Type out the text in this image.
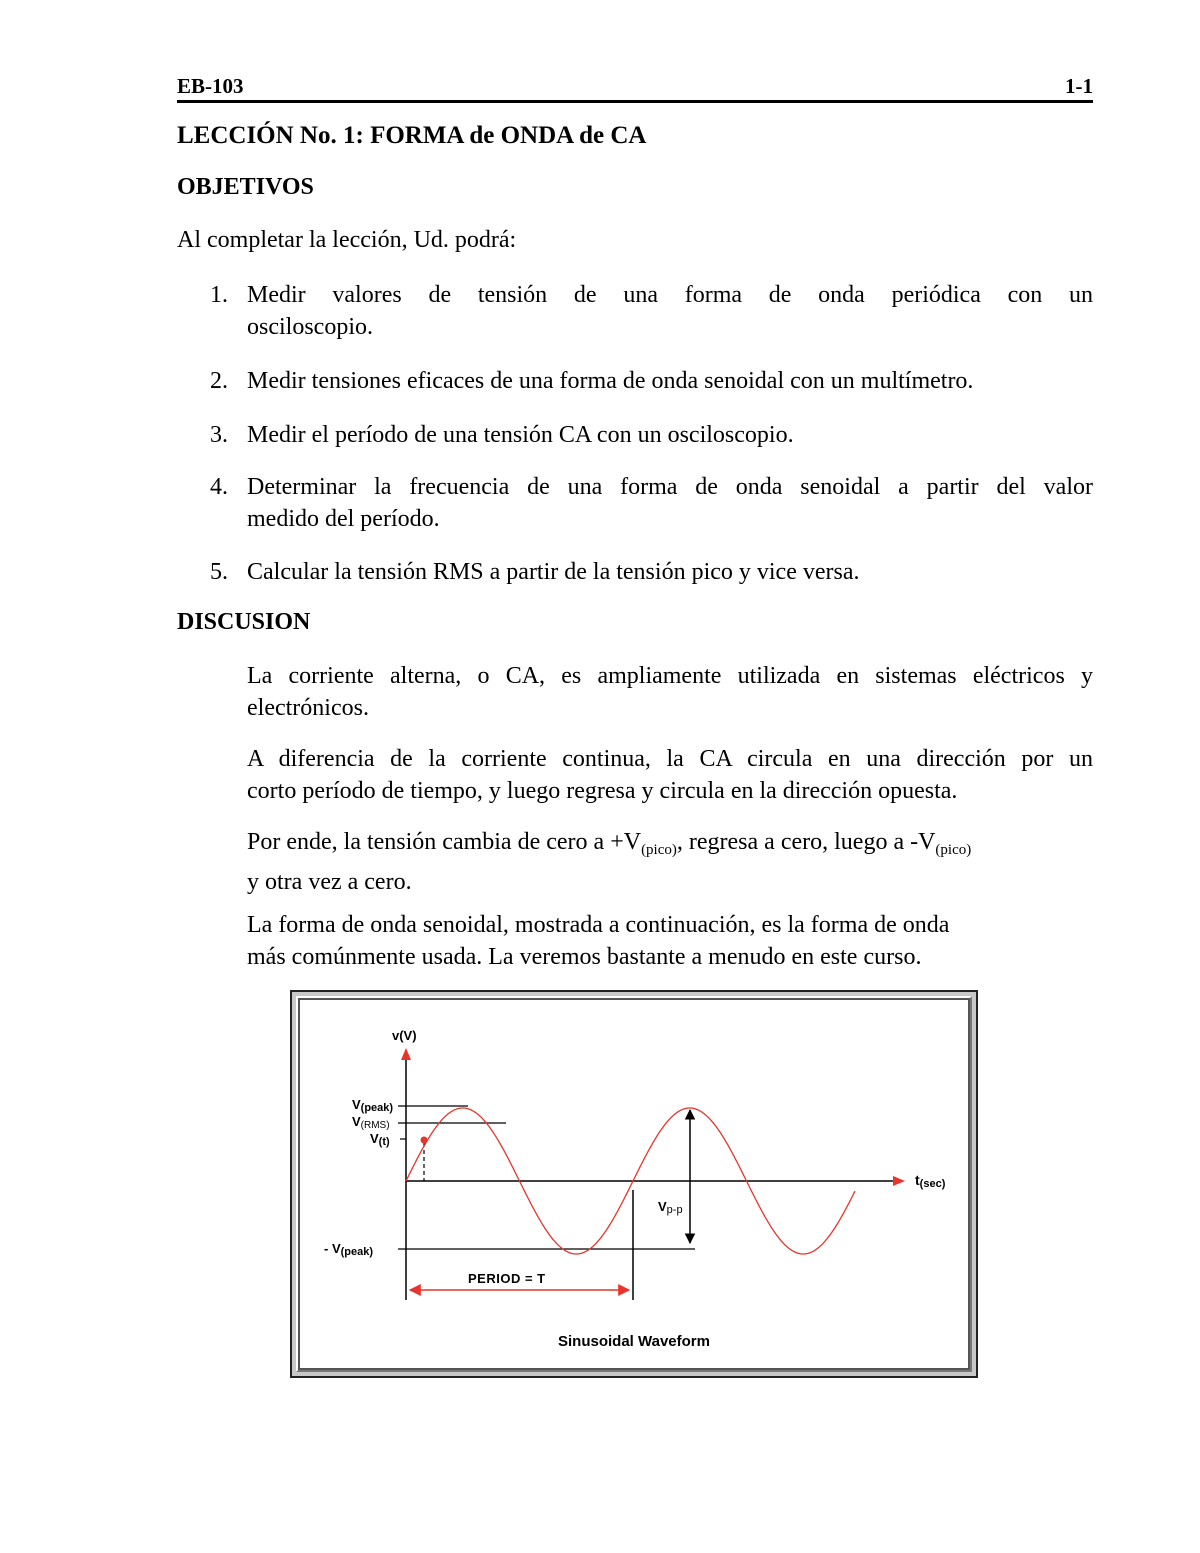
EB-103	1-1
LECCIÓN No. 1: FORMA de ONDA de CA
OBJETIVOS
Al completar la lección, Ud. podrá:
1. Medir valores de tensión de una forma de onda periódica con un
osciloscopio.
2. Medir tensiones eficaces de una forma de onda senoidal con un multímetro.
3. Medir el período de una tensión CA con un osciloscopio.
4. Determinar la frecuencia de una forma de onda senoidal a partir del valor
medido del período.
5. Calcular la tensión RMS a partir de la tensión pico y vice versa.
DISCUSION
La corriente alterna, o CA, es ampliamente utilizada en sistemas eléctricos y
electrónicos.
A diferencia de la corriente continua, la CA circula en una dirección por un
corto período de tiempo, y luego regresa y circula en la dirección opuesta.
Por ende, la tensión cambia de cero $a +V_{(pico)}$, regresa a cero, luego a $-V_{(pico)}$
y otra vez a cero.
La forma de onda senoidal, mostrada a continuación, es la forma de onda
más comúnmente usada. La veremos bastante a menudo en este curso.
v(V)
t(sec)
V(peak)
V(RMS)
V(t)
- V(peak)
Vp-p
PERIOD = T
Sinusoidal Waveform
